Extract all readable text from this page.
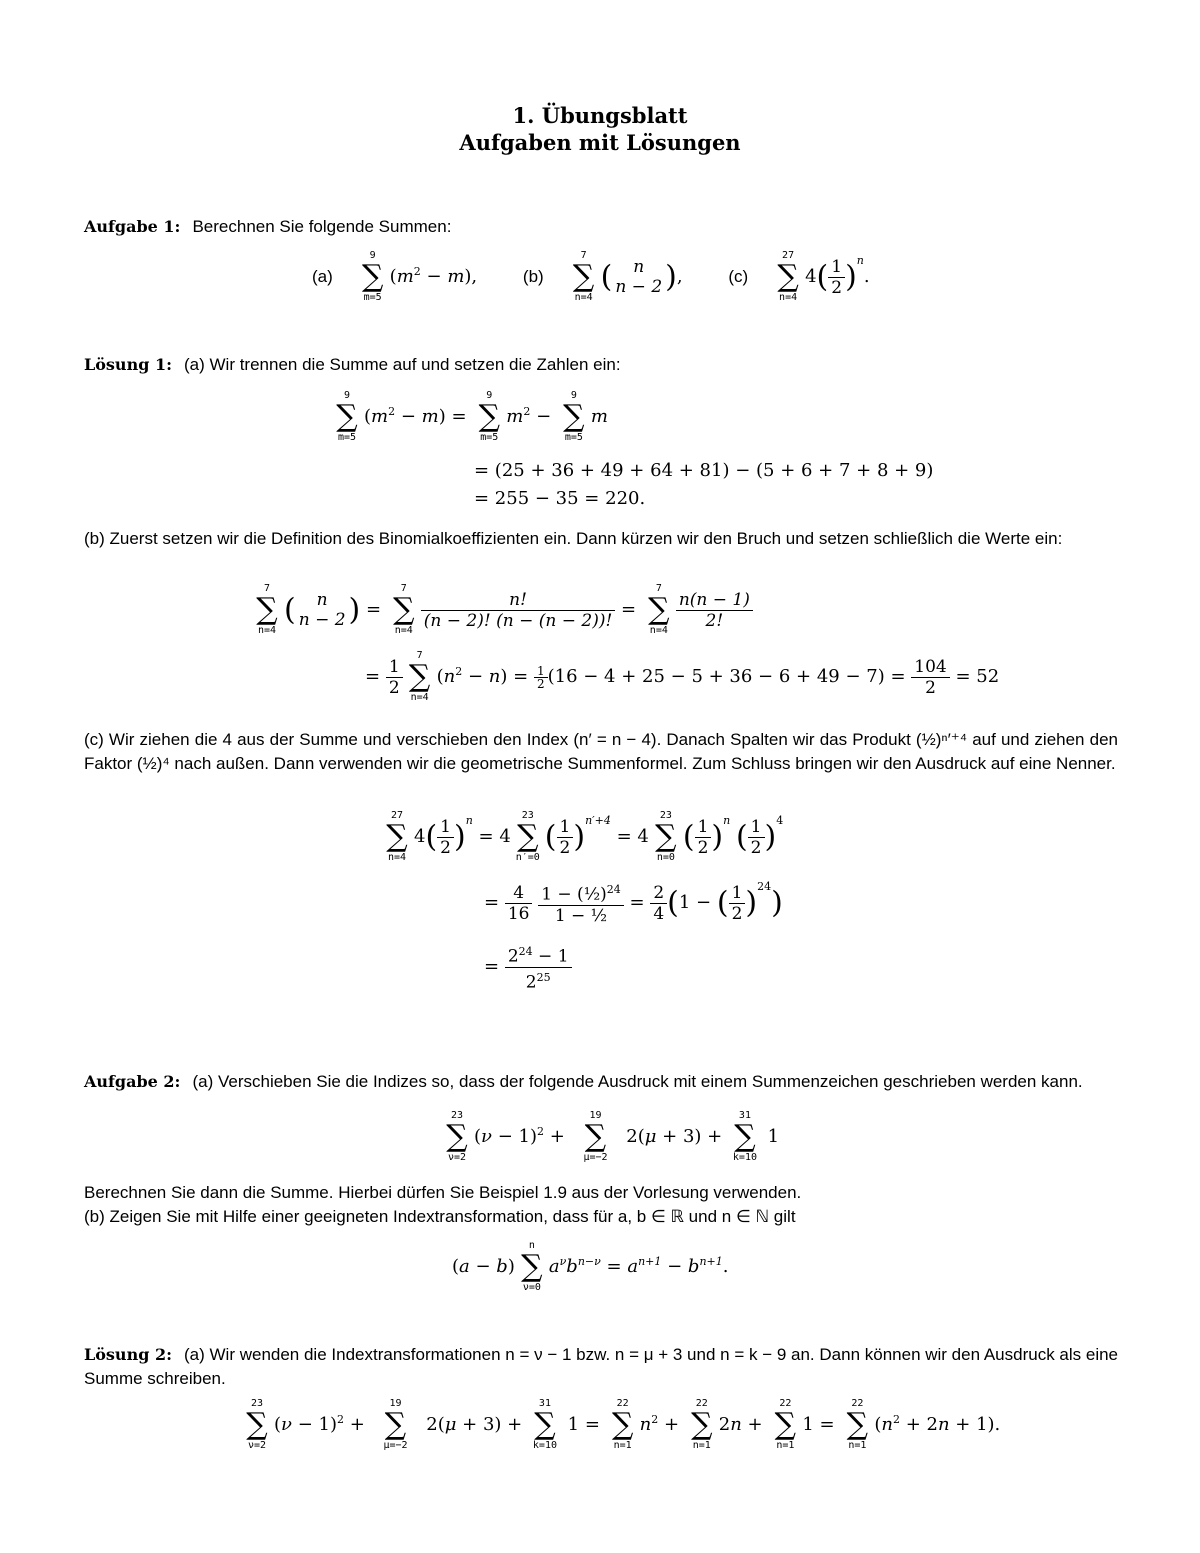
1. Übungsblatt
Aufgaben mit Lösungen
Aufgabe 1: Berechnen Sie folgende Summen:
(a)
9
∑
m=5
$(m^2 - m)$,        (b)
7
∑
n=4
(	n
n − 2 ),        (c)
27
∑
n=4
$4( \frac{1}{2} )^n$.
Lösung 1: (a) Wir trennen die Summe auf und setzen die Zahlen ein:
9
∑
m=5
$(m^2 - m)$ =
9
∑
m=5
$m^2$ −
9
∑
m=5
m
= (25 + 36 + 49 + 64 + 81) − (5 + 6 + 7 + 8 + 9)
= 255 − 35 = 220.
(b) Zuerst setzen wir die Definition des Binomialkoeffizienten ein. Dann kürzen wir den Bruch und setzen schließlich die Werte ein:
7
∑
n=4
(	n
n − 2 ) =
7
∑
$n=4 \frac{n!}{(n - 2)! (n - (n - 2))!}$ =
7
∑
$n=4 \frac{n(n - 1)}{2!}$
= $\frac{1}{2}$
7
∑
n=4
$(n^2 - n) = \frac{1}{2} (16 - 4 + 25 - 5 + 36 - 6 + 49 - 7) = \frac{104}{2} = 52$
(c) Wir ziehen die 4 aus der Summe und verschieben den Index (n′ = n − 4). Danach Spalten wir das Produkt (½)ⁿ′⁺⁴ auf und ziehen den Faktor (½)⁴ nach außen. Dann verwenden wir die geometrische Summenformel. Zum Schluss bringen wir den Ausdruck auf eine Nenner.
27
∑
n=4
$4( \frac{1}{2} )^n = 4$
23
∑
n′=0
( $\frac{1}{2} )^{n'+4} = 4$
23
∑
n=0
( $\frac{1}{2} )^n$ ( $\frac{1}{2} )^4$
= $\frac{4}{16}$
$\frac{1 - (\frac{1}{2})^{24}}{\text{1 − ½}} = \frac{2}{4} (1$ − ( $\frac{1}{2} )^{24}$)
= $\frac{2^{24} - 1}{2^{25}}$
Aufgabe 2: (a) Verschieben Sie die Indizes so, dass der folgende Ausdruck mit einem Summenzeichen geschrieben werden kann.
23
∑
ν=2
$(\nu - 1)^2$ +
19
∑
μ=−2
2(μ + 3) +
31
∑
k=10
1
Berechnen Sie dann die Summe. Hierbei dürfen Sie Beispiel 1.9 aus der Vorlesung verwenden.
(b) Zeigen Sie mit Hilfe einer geeigneten Indextransformation, dass für a, b ∈ ℝ und n ∈ ℕ gilt
(a − b)
n
∑
ν=0
$a^\nu b^{n-\nu} = a^{n+1} - b^{n+1}$.
Lösung 2: (a) Wir wenden die Indextransformationen n = ν − 1 bzw. n = μ + 3 und n = k − 9 an. Dann können wir den Ausdruck als eine Summe schreiben.
23
∑
ν=2
$(\nu - 1)^2$ +
19
∑
μ=−2
2(μ + 3) +
31
∑
k=10
1 =
22
∑
n=1
$n^2$ +
22
∑
n=1
2n +
22
∑
n=1
1 =
22
∑
n=1
$(n^2 + 2n + 1)$.
